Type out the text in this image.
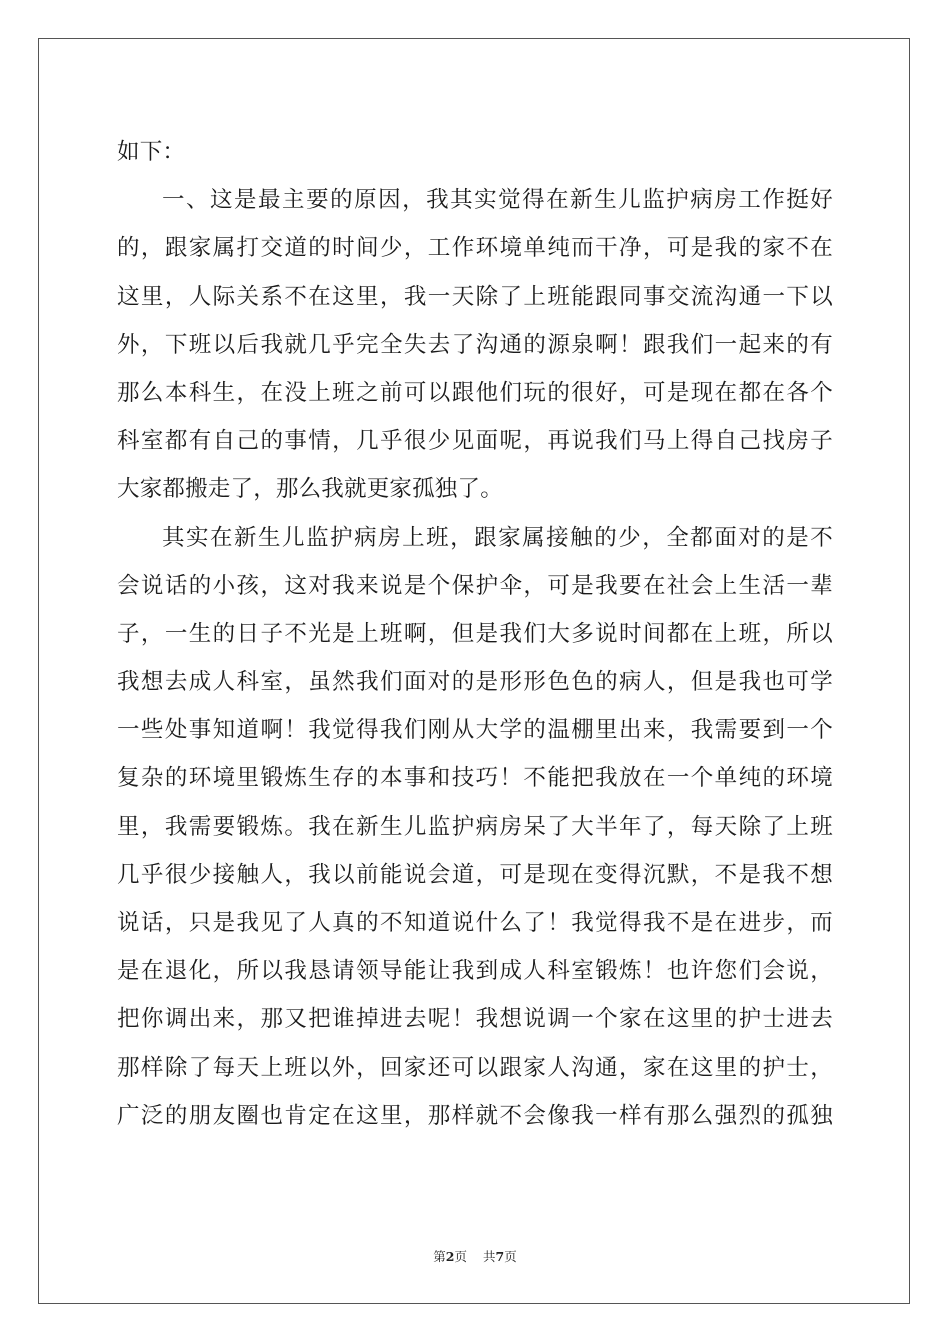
如下：
一、这是最主要的原因，我其实觉得在新生儿监护病房工作挺好
的，跟家属打交道的时间少，工作环境单纯而干净，可是我的家不在
这里，人际关系不在这里，我一天除了上班能跟同事交流沟通一下以
外，下班以后我就几乎完全失去了沟通的源泉啊！跟我们一起来的有
那么本科生，在没上班之前可以跟他们玩的很好，可是现在都在各个
科室都有自己的事情，几乎很少见面呢，再说我们马上得自己找房子
大家都搬走了，那么我就更家孤独了。
其实在新生儿监护病房上班，跟家属接触的少，全都面对的是不
会说话的小孩，这对我来说是个保护伞，可是我要在社会上生活一辈
子，一生的日子不光是上班啊，但是我们大多说时间都在上班，所以
我想去成人科室，虽然我们面对的是形形色色的病人，但是我也可学
一些处事知道啊！我觉得我们刚从大学的温棚里出来，我需要到一个
复杂的环境里锻炼生存的本事和技巧！不能把我放在一个单纯的环境
里，我需要锻炼。我在新生儿监护病房呆了大半年了，每天除了上班
几乎很少接触人，我以前能说会道，可是现在变得沉默，不是我不想
说话，只是我见了人真的不知道说什么了！我觉得我不是在进步，而
是在退化，所以我恳请领导能让我到成人科室锻炼！也许您们会说，
把你调出来，那又把谁掉进去呢！我想说调一个家在这里的护士进去
那样除了每天上班以外，回家还可以跟家人沟通，家在这里的护士，
广泛的朋友圈也肯定在这里，那样就不会像我一样有那么强烈的孤独
第2页 共7页
